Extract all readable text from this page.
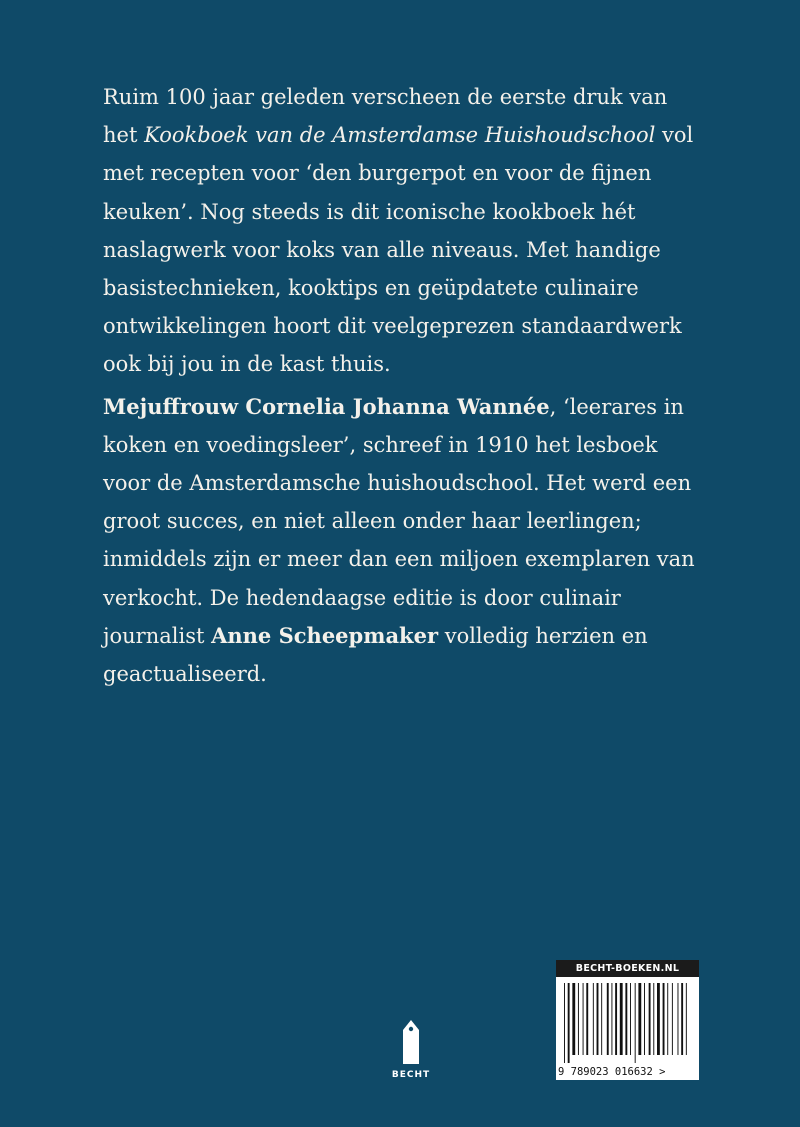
Ruim 100 jaar geleden verscheen de eerste druk van
het Kookboek van de Amsterdamse Huishoudschool vol met recepten voor ‘den burgerpot en voor de fijnen keuken’. Nog steeds is dit iconische kookboek hét naslagwerk voor koks van alle niveaus. Met handige basistechnieken, kooktips en geüpdatete culinaire ontwikkelingen hoort dit veelgeprezen standaardwerk ook bij jou in de kast thuis.

Mejuffrouw Cornelia Johanna Wannée, ‘leerares in koken en voedingsleer’, schreef in 1910 het lesboek voor de Amsterdamsche huishoudschool. Het werd een groot succes, en niet alleen onder haar leerlingen; inmiddels zijn er meer dan een miljoen exemplaren van verkocht. De hedendaagse editie is door culinair journalist Anne Scheepmaker volledig herzien en geactualiseerd.

BECHT
BECHT-BOEKEN.NL
9 789023 016632 >
